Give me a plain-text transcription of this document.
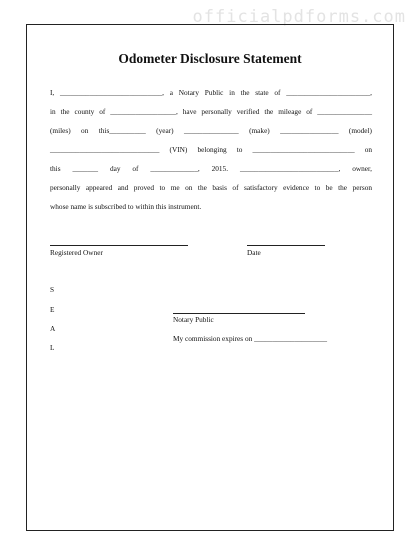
officialpdforms.com
Odometer Disclosure Statement
I, ____________________________, a Notary Public in the state of _______________________,
in the county of __________________, have personally verified the mileage of _______________
(miles) on this__________ (year) _______________ (make) ________________ (model)
______________________________ (VIN) belonging to ____________________________ on
this _______ day of _____________, 2015. ___________________________, owner,
personally appeared and proved to me on the basis of satisfactory evidence to be the person
whose name is subscribed to within this instrument.
Registered Owner	Date
S
E
A
L
Notary Public
My commission expires on ____________________
